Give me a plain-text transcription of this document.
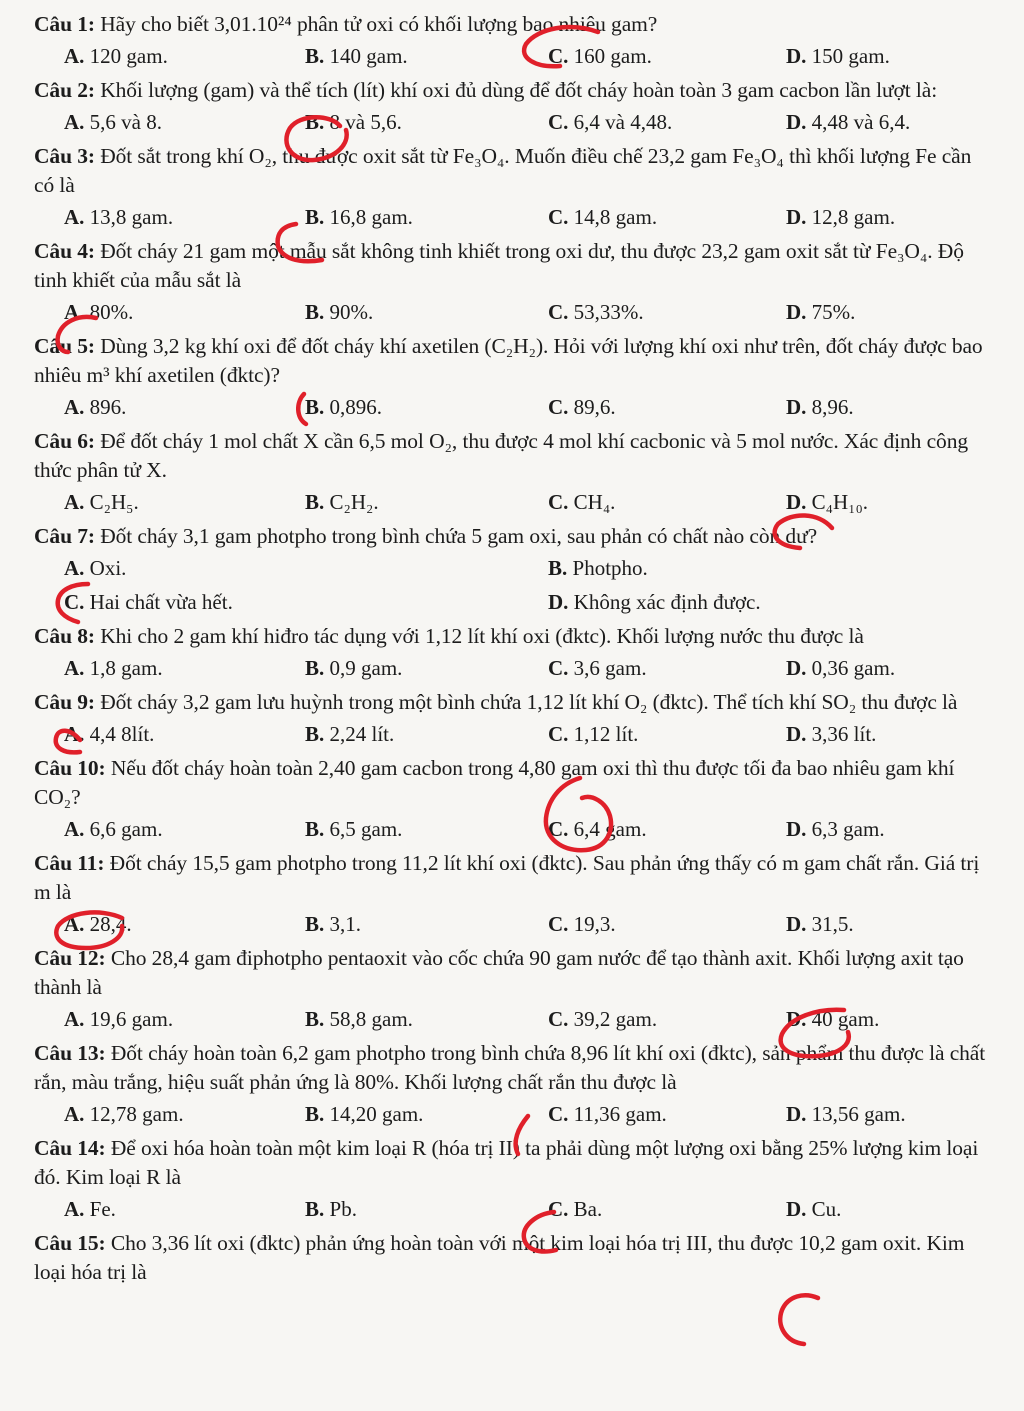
Câu 1: Hãy cho biết 3,01.10²⁴ phân tử oxi có khối lượng bao nhiêu gam?

A. 120 gam.	B. 140 gam.	C. 160 gam.	D. 150 gam.

Câu 2: Khối lượng (gam) và thể tích (lít) khí oxi đủ dùng để đốt cháy hoàn toàn 3 gam cacbon lần lượt là:

A. 5,6 và 8.	B. 8 và 5,6.	C. 6,4 và 4,48.	D. 4,48 và 6,4.

Câu 3: Đốt sắt trong khí O₂, thu được oxit sắt từ Fe₃O₄. Muốn điều chế 23,2 gam Fe₃O₄ thì khối lượng Fe cần có là

A. 13,8 gam.	B. 16,8 gam.	C. 14,8 gam.	D. 12,8 gam.

Câu 4: Đốt cháy 21 gam một mẫu sắt không tinh khiết trong oxi dư, thu được 23,2 gam oxit sắt từ Fe₃O₄. Độ tinh khiết của mẫu sắt là

A. 80%.	B. 90%.	C. 53,33%.	D. 75%.

Câu 5: Dùng 3,2 kg khí oxi để đốt cháy khí axetilen (C₂H₂). Hỏi với lượng khí oxi như trên, đốt cháy được bao nhiêu m³ khí axetilen (đktc)?

A. 896.	B. 0,896.	C. 89,6.	D. 8,96.

Câu 6: Để đốt cháy 1 mol chất X cần 6,5 mol O₂, thu được 4 mol khí cacbonic và 5 mol nước. Xác định công thức phân tử X.

A. C₂H₅.	B. C₂H₂.	C. CH₄.	D. C₄H₁₀.

Câu 7: Đốt cháy 3,1 gam photpho trong bình chứa 5 gam oxi, sau phản có chất nào còn dư?

A. Oxi.	B. Photpho.
C. Hai chất vừa hết.	D. Không xác định được.

Câu 8: Khi cho 2 gam khí hiđro tác dụng với 1,12 lít khí oxi (đktc). Khối lượng nước thu được là

A. 1,8 gam.	B. 0,9 gam.	C. 3,6 gam.	D. 0,36 gam.

Câu 9: Đốt cháy 3,2 gam lưu huỳnh trong một bình chứa 1,12 lít khí O₂ (đktc). Thể tích khí SO₂ thu được là

A. 4,4 8lít.	B. 2,24 lít.	C. 1,12 lít.	D. 3,36 lít.

Câu 10: Nếu đốt cháy hoàn toàn 2,40 gam cacbon trong 4,80 gam oxi thì thu được tối đa bao nhiêu gam khí CO₂?

A. 6,6 gam.	B. 6,5 gam.	C. 6,4 gam.	D. 6,3 gam.

Câu 11: Đốt cháy 15,5 gam photpho trong 11,2 lít khí oxi (đktc). Sau phản ứng thấy có m gam chất rắn. Giá trị m là

A. 28,4.	B. 3,1.	C. 19,3.	D. 31,5.

Câu 12: Cho 28,4 gam điphotpho pentaoxit vào cốc chứa 90 gam nước để tạo thành axit. Khối lượng axit tạo thành là

A. 19,6 gam.	B. 58,8 gam.	C. 39,2 gam.	D. 40 gam.

Câu 13: Đốt cháy hoàn toàn 6,2 gam photpho trong bình chứa 8,96 lít khí oxi (đktc), sản phẩm thu được là chất rắn, màu trắng, hiệu suất phản ứng là 80%. Khối lượng chất rắn thu được là

A. 12,78 gam.	B. 14,20 gam.	C. 11,36 gam.	D. 13,56 gam.

Câu 14: Để oxi hóa hoàn toàn một kim loại R (hóa trị II) ta phải dùng một lượng oxi bằng 25% lượng kim loại đó. Kim loại R là

A. Fe.	B. Pb.	C. Ba.	D. Cu.

Câu 15: Cho 3,36 lít oxi (đktc) phản ứng hoàn toàn với một kim loại hóa trị III, thu được 10,2 gam oxit. Kim loại hóa trị là
